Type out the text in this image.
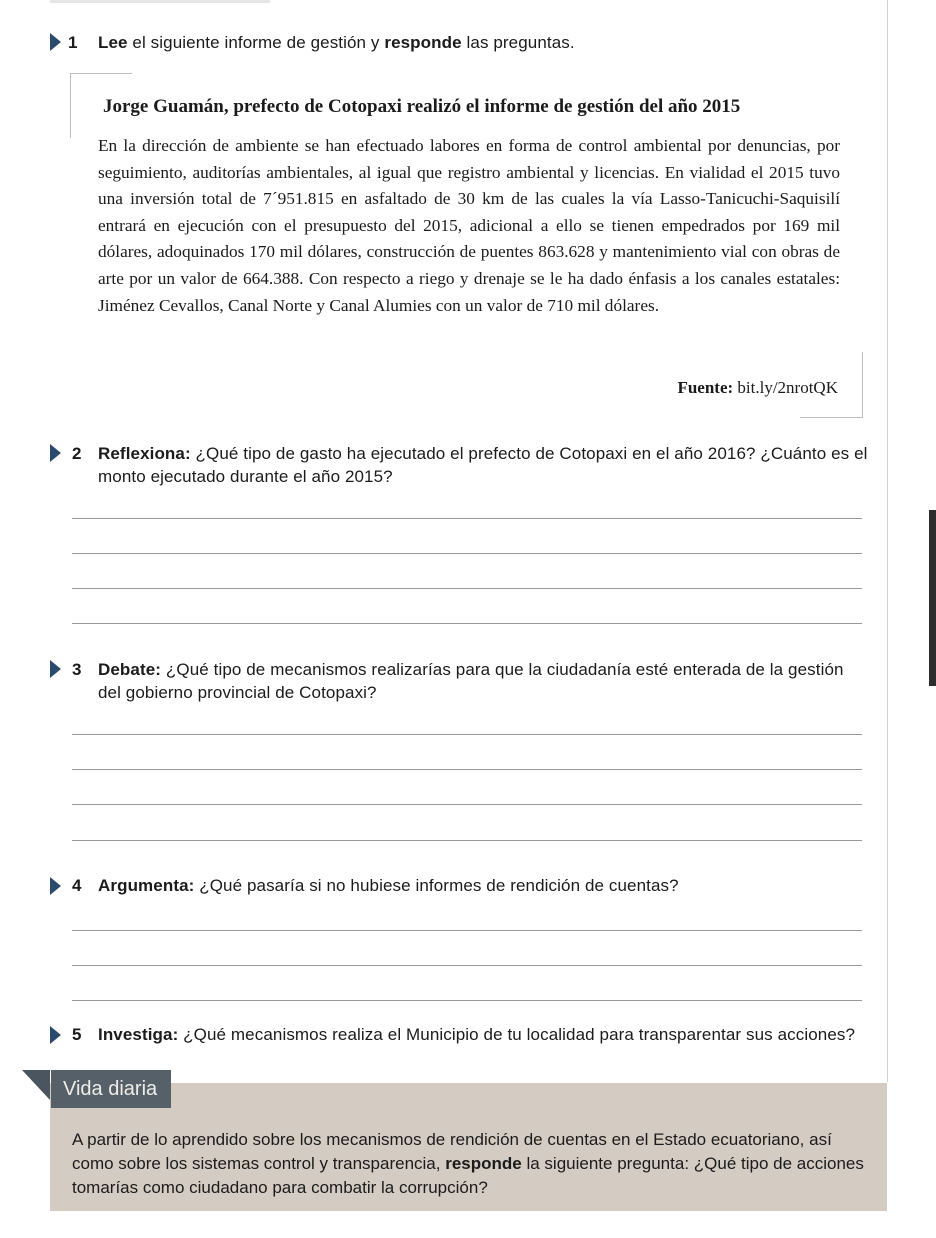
1 Lee el siguiente informe de gestión y responde las preguntas.
Jorge Guamán, prefecto de Cotopaxi realizó el informe de gestión del año 2015
En la dirección de ambiente se han efectuado labores en forma de control ambiental por denuncias, por seguimiento, auditorías ambientales, al igual que registro ambiental y licencias. En vialidad el 2015 tuvo una inversión total de 7´951.815 en asfaltado de 30 km de las cuales la vía Lasso-Tanicuchi-Saquisilí entrará en ejecución con el presupuesto del 2015, adicional a ello se tienen empedrados por 169 mil dólares, adoquinados 170 mil dólares, construcción de puentes 863.628 y mantenimiento vial con obras de arte por un valor de 664.388. Con respecto a riego y drenaje se le ha dado énfasis a los canales estatales: Jiménez Cevallos, Canal Norte y Canal Alumies con un valor de 710 mil dólares.
Fuente: bit.ly/2nrotQK
2 Reflexiona: ¿Qué tipo de gasto ha ejecutado el prefecto de Cotopaxi en el año 2016? ¿Cuánto es el monto ejecutado durante el año 2015?
3 Debate: ¿Qué tipo de mecanismos realizarías para que la ciudadanía esté enterada de la gestión del gobierno provincial de Cotopaxi?
4 Argumenta: ¿Qué pasaría si no hubiese informes de rendición de cuentas?
5 Investiga: ¿Qué mecanismos realiza el Municipio de tu localidad para transparentar sus acciones?
Vida diaria
A partir de lo aprendido sobre los mecanismos de rendición de cuentas en el Estado ecuatoriano, así como sobre los sistemas control y transparencia, responde la siguiente pregunta: ¿Qué tipo de acciones tomarías como ciudadano para combatir la corrupción?
